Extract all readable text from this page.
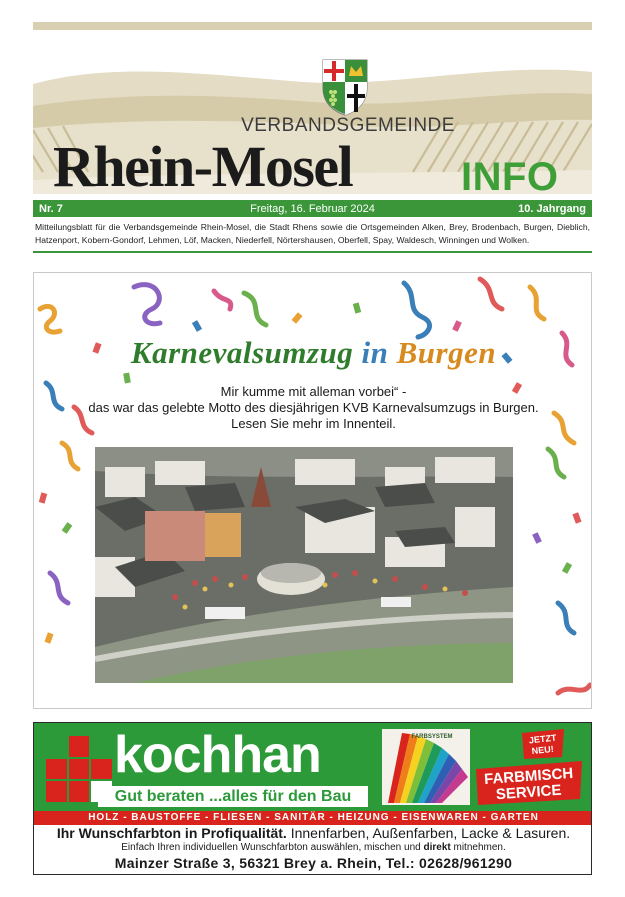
VERBANDSGEMEINDE
Rhein-Mosel	INFO
Freitag, 16. Februar 2024
Nr. 7	10. Jahrgang
Mitteilungsblatt für die Verbandsgemeinde Rhein-Mosel, die Stadt Rhens sowie die Ortsgemeinden Alken, Brey, Brodenbach, Burgen, Dieblich, Hatzenport, Kobern-Gondorf, Lehmen, Löf, Macken, Niederfell, Nörtershausen, Oberfell, Spay, Waldesch, Winningen und Wolken.
Karnevalsumzug in Burgen
Mir kumme mit alleman vorbei“ -
das war das gelebte Motto des diesjährigen KVB Karnevalsumzugs in Burgen.
Lesen Sie mehr im Innenteil.
kochhan
Gut beraten ...alles für den Bau
FARBSYSTEM	JETZT
NEU!
FARBMISCH
SERVICE
HOLZ - BAUSTOFFE - FLIESEN - SANITÄR - HEIZUNG - EISENWAREN - GARTEN
Ihr Wunschfarbton in Profiqualität. Innenfarben, Außenfarben, Lacke & Lasuren.
Einfach Ihren individuellen Wunschfarbton auswählen, mischen und direkt mitnehmen.
Mainzer Straße 3, 56321 Brey a. Rhein, Tel.: 02628/961290
